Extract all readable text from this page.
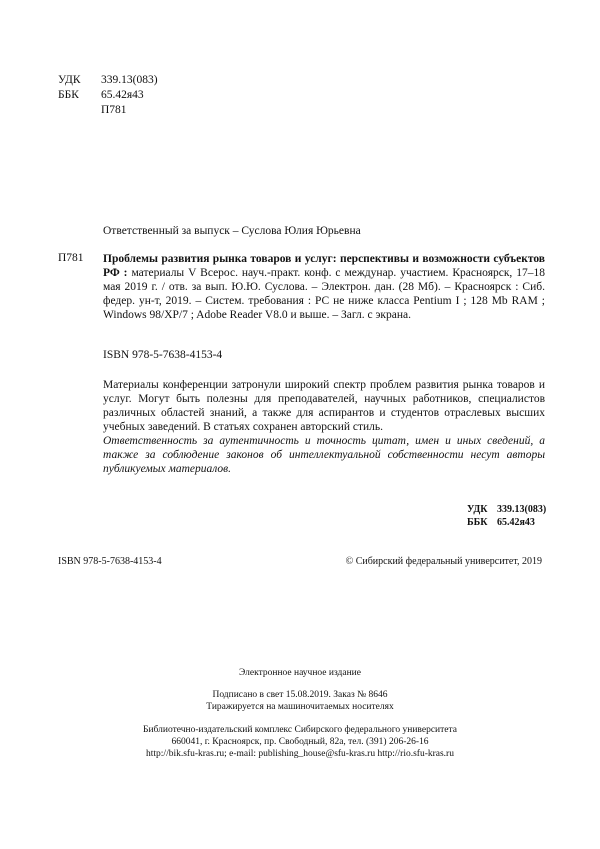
УДК 339.13(083)
ББК 65.42я43
П781
Ответственный за выпуск – Суслова Юлия Юрьевна
П781 Проблемы развития рынка товаров и услуг: перспективы и возможности субъектов РФ : материалы V Всерос. науч.-практ. конф. с междунар. участием. Красноярск, 17–18 мая 2019 г. / отв. за вып. Ю.Ю. Суслова. – Электрон. дан. (28 Мб). – Красноярск : Сиб. федер. ун-т, 2019. – Систем. требования : PC не ниже класса Pentium I ; 128 Mb RAM ; Windows 98/XP/7 ; Adobe Reader V8.0 и выше. – Загл. с экрана.
ISBN 978-5-7638-4153-4
Материалы конференции затронули широкий спектр проблем развития рынка товаров и услуг. Могут быть полезны для преподавателей, научных работников, специалистов различных областей знаний, а также для аспирантов и студентов отраслевых высших учебных заведений. В статьях сохранен авторский стиль.
Ответственность за аутентичность и точность цитат, имен и иных сведений, а также за соблюдение законов об интеллектуальной собственности несут авторы публикуемых материалов.
УДК 339.13(083)
ББК 65.42я43
ISBN 978-5-7638-4153-4	© Сибирский федеральный университет, 2019
Электронное научное издание
Подписано в свет 15.08.2019. Заказ № 8646
Тиражируется на машиночитаемых носителях
Библиотечно-издательский комплекс Сибирского федерального университета
660041, г. Красноярск, пр. Свободный, 82а, тел. (391) 206-26-16
http://bik.sfu-kras.ru; e-mail: publishing_house@sfu-kras.ru http://rio.sfu-kras.ru
